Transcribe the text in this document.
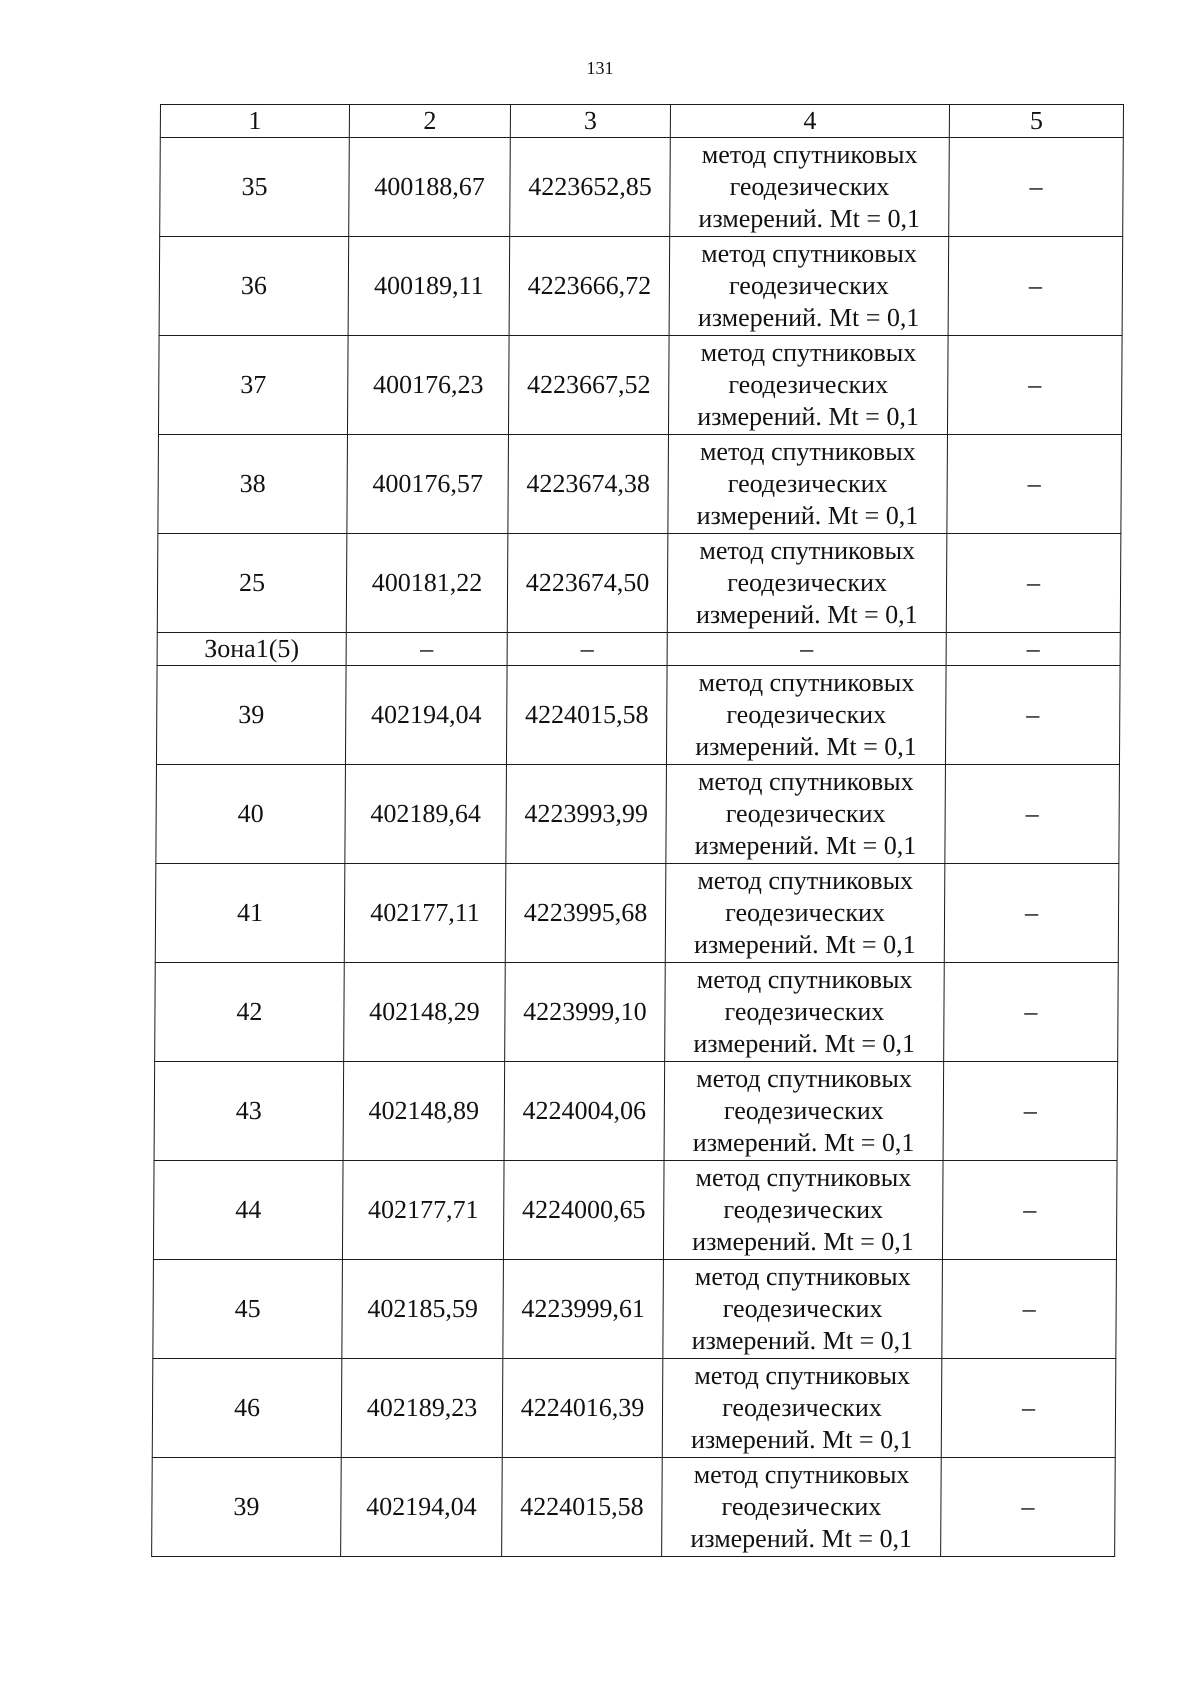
131
1	2	3	4	5
35	400188,67	4223652,85	метод спутниковых
геодезических
измерений. Mt = 0,1	–
36	400189,11	4223666,72	метод спутниковых
геодезических
измерений. Mt = 0,1	–
37	400176,23	4223667,52	метод спутниковых
геодезических
измерений. Mt = 0,1	–
38	400176,57	4223674,38	метод спутниковых
геодезических
измерений. Mt = 0,1	–
25	400181,22	4223674,50	метод спутниковых
геодезических
измерений. Mt = 0,1	–
Зона1(5)	–	–	–	–
39	402194,04	4224015,58	метод спутниковых
геодезических
измерений. Mt = 0,1	–
40	402189,64	4223993,99	метод спутниковых
геодезических
измерений. Mt = 0,1	–
41	402177,11	4223995,68	метод спутниковых
геодезических
измерений. Mt = 0,1	–
42	402148,29	4223999,10	метод спутниковых
геодезических
измерений. Mt = 0,1	–
43	402148,89	4224004,06	метод спутниковых
геодезических
измерений. Mt = 0,1	–
44	402177,71	4224000,65	метод спутниковых
геодезических
измерений. Mt = 0,1	–
45	402185,59	4223999,61	метод спутниковых
геодезических
измерений. Mt = 0,1	–
46	402189,23	4224016,39	метод спутниковых
геодезических
измерений. Mt = 0,1	–
39	402194,04	4224015,58	метод спутниковых
геодезических
измерений. Mt = 0,1	–
